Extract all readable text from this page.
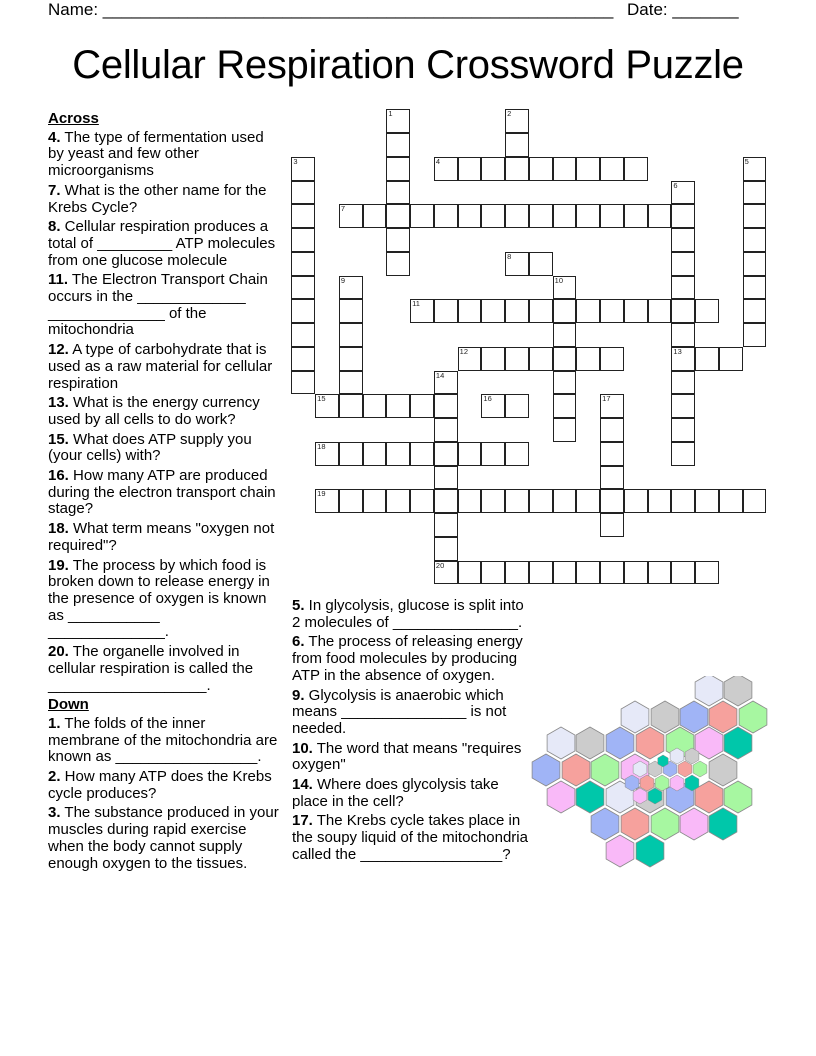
Name: ______________________________________________________ Date: _______
Cellular Respiration Crossword Puzzle
Across
4. The type of fermentation used by yeast and few other microorganisms
7. What is the other name for the Krebs Cycle?
8. Cellular respiration produces a total of _________ ATP molecules from one glucose molecule
11. The Electron Transport Chain occurs in the _____________ ______________ of the mitochondria
12. A type of carbohydrate that is used as a raw material for cellular respiration
13. What is the energy currency used by all cells to do work?
15. What does ATP supply you (your cells) with?
16. How many ATP are produced during the electron transport chain stage?
18. What term means "oxygen not required"?
19. The process by which food is broken down to release energy in the presence of oxygen is known as ___________ ______________.
20. The organelle involved in cellular respiration is called the ___________________.
Down
1. The folds of the inner membrane of the mitochondria are known as _________________.
2. How many ATP does the Krebs cycle produces?
3. The substance produced in your muscles during rapid exercise when the body cannot supply enough oxygen to the tissues.
5. In glycolysis, glucose is split into 2 molecules of _______________.
6. The process of releasing energy from food molecules by producing ATP in the absence of oxygen.
9. Glycolysis is anaerobic which means _______________ is not needed.
10. The word that means "requires oxygen"
14. Where does glycolysis take place in the cell?
17. The Krebs cycle takes place in the soupy liquid of the mitochondria called the _________________?
1	2
3	4	5
6
13
7
8
9	10
11
12
14
20
15	16	17
18
19
